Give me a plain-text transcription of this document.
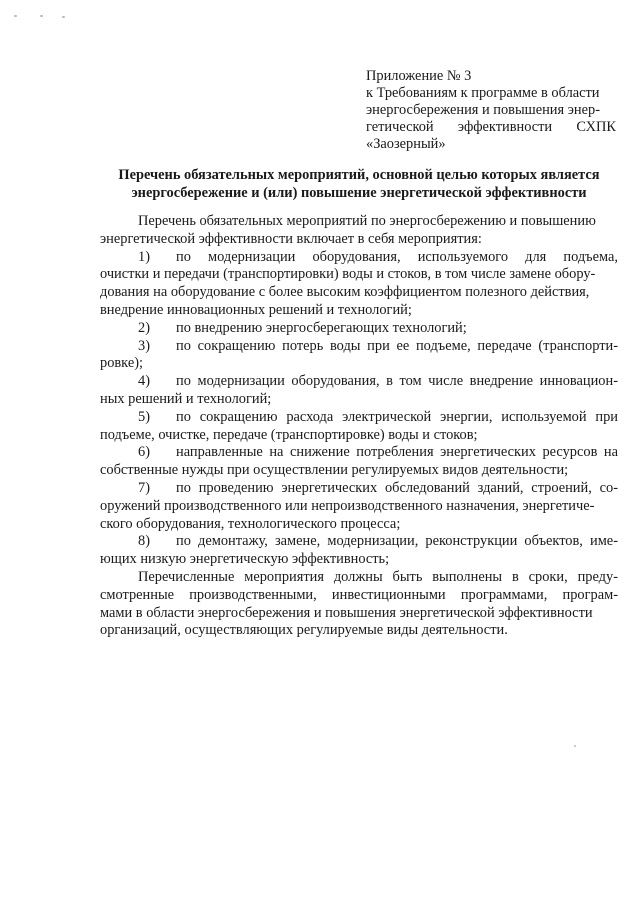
Приложение № 3
к Требованиям к программе в области
энергосбережения и повышения энер-
гетической эффективности СХПК
«Заозерный»
Перечень обязательных мероприятий, основной целью которых является
энергосбережение и (или) повышение энергетической эффективности
Перечень обязательных мероприятий по энергосбережению и повышению
энергетической эффективности включает в себя мероприятия:
1) по модернизации оборудования, используемого для подъема,
очистки и передачи (транспортировки) воды и стоков, в том числе замене обору-
дования на оборудование с более высоким коэффициентом полезного действия,
внедрение инновационных решений и технологий;
2) по внедрению энергосберегающих технологий;
3) по сокращению потерь воды при ее подъеме, передаче (транспорти-
ровке);
4) по модернизации оборудования, в том числе внедрение инновацион-
ных решений и технологий;
5) по сокращению расхода электрической энергии, используемой при
подъеме, очистке, передаче (транспортировке) воды и стоков;
6) направленные на снижение потребления энергетических ресурсов на
собственные нужды при осуществлении регулируемых видов деятельности;
7) по проведению энергетических обследований зданий, строений, со-
оружений производственного или непроизводственного назначения, энергетиче-
ского оборудования, технологического процесса;
8) по демонтажу, замене, модернизации, реконструкции объектов, име-
ющих низкую энергетическую эффективность;
Перечисленные мероприятия должны быть выполнены в сроки, преду-
смотренные производственными, инвестиционными программами, програм-
мами в области энергосбережения и повышения энергетической эффективности
организаций, осуществляющих регулируемые виды деятельности.
